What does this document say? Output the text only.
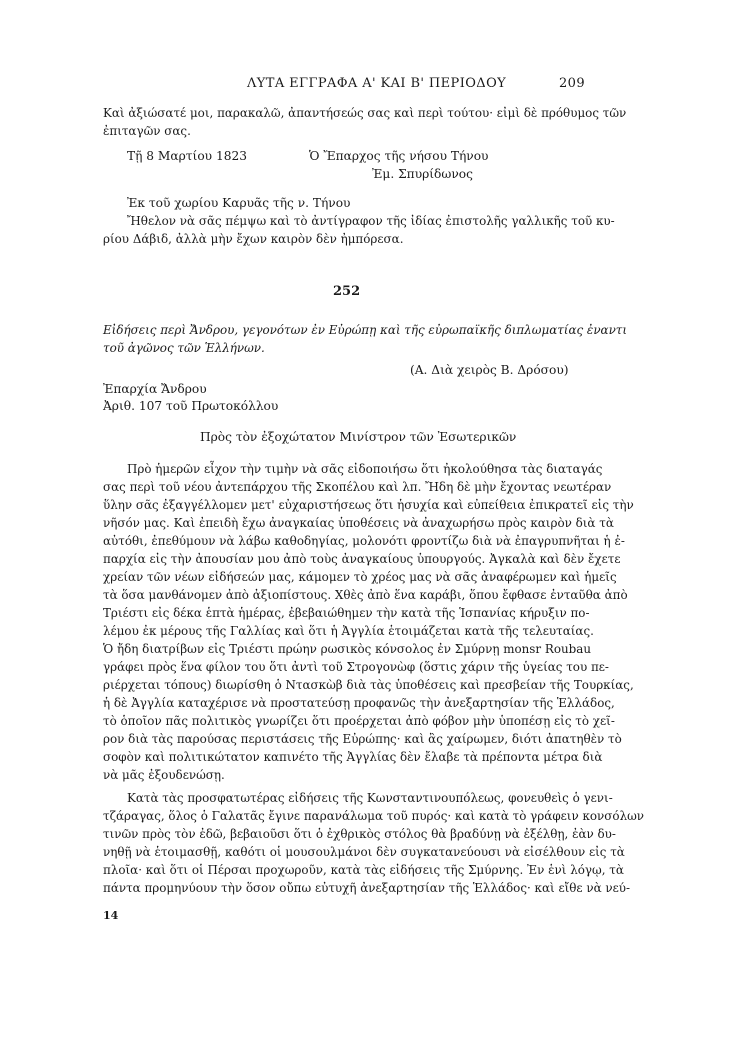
ΛΥΤΑ ΕΓΓΡΑΦΑ Α' ΚΑΙ Β' ΠΕΡΙΟΔΟΥ	209
Καὶ ἀξιώσατέ μοι, παρακαλῶ, ἀπαντήσεώς σας καὶ περὶ τούτου· εἰμὶ δὲ πρόθυμος τῶν
ἐπιταγῶν σας.
Τῇ 8 Μαρτίου 1823	Ὁ Ἔπαρχος τῆς νήσου Τήνου
Ἐμ. Σπυρίδωνος
Ἐκ τοῦ χωρίου Καρυᾶς τῆς ν. Τήνου
Ἤθελον νὰ σᾶς πέμψω καὶ τὸ ἀντίγραφον τῆς ἰδίας ἐπιστολῆς γαλλικῆς τοῦ κυ-
ρίου Δάβιδ, ἀλλὰ μὴν ἔχων καιρὸν δὲν ἠμπόρεσα.
252
Εἰδήσεις περὶ Ἄνδρου, γεγονότων ἐν Εὐρώπῃ καὶ τῆς εὐρωπαϊκῆς διπλωματίας ἐναντι
τοῦ ἀγῶνος τῶν Ἑλλήνων.
(Α. Διὰ χειρὸς Β. Δρόσου)
Ἐπαρχία Ἄνδρου
Ἀριθ. 107 τοῦ Πρωτοκόλλου
Πρὸς τὸν ἐξοχώτατον Μινίστρον τῶν Ἐσωτερικῶν
Πρὸ ἡμερῶν εἶχον τὴν τιμὴν νὰ σᾶς εἰδοποιήσω ὅτι ἠκολούθησα τὰς διαταγάς
σας περὶ τοῦ νέου ἀντεπάρχου τῆς Σκοπέλου καὶ λπ. Ἤδη δὲ μὴν ἔχοντας νεωτέραν
ὕλην σᾶς ἐξαγγέλλομεν μετ' εὐχαριστήσεως ὅτι ἡσυχία καὶ εὐπείθεια ἐπικρατεῖ εἰς τὴν
νῆσόν μας. Καὶ ἐπειδὴ ἔχω ἀναγκαίας ὑποθέσεις νὰ ἀναχωρήσω πρὸς καιρὸν διὰ τὰ
αὐτόθι, ἐπεθύμουν νὰ λάβω καθοδηγίας, μολονότι φροντίζω διὰ νὰ ἐπαγρυπνῆται ἡ ἐ-
παρχία εἰς τὴν ἀπουσίαν μου ἀπὸ τοὺς ἀναγκαίους ὑπουργούς. Ἀγκαλὰ καὶ δὲν ἔχετε
χρείαν τῶν νέων εἰδήσεών μας, κάμομεν τὸ χρέος μας νὰ σᾶς ἀναφέρωμεν καὶ ἡμεῖς
τὰ ὅσα μανθάνομεν ἀπὸ ἀξιοπίστους. Χθὲς ἀπὸ ἕνα καράβι, ὅπου ἔφθασε ἐνταῦθα ἀπὸ
Τριέστι εἰς δέκα ἑπτὰ ἡμέρας, ἐβεβαιώθημεν τὴν κατὰ τῆς Ἱσπανίας κήρυξιν πο-
λέμου ἐκ μέρους τῆς Γαλλίας καὶ ὅτι ἡ Ἀγγλία ἑτοιμάζεται κατὰ τῆς τελευταίας.
Ὁ ἤδη διατρίβων εἰς Τριέστι πρώην ρωσικὸς κόνσολος ἐν Σμύρνῃ monsr Roubau
γράφει πρὸς ἕνα φίλον του ὅτι ἀντὶ τοῦ Στρογονὼφ (ὅστις χάριν τῆς ὑγείας του πε-
ριέρχεται τόπους) διωρίσθη ὁ Ντασκὼβ διὰ τὰς ὑποθέσεις καὶ πρεσβείαν τῆς Τουρκίας,
ἡ δὲ Ἀγγλία καταχέρισε νὰ προστατεύσῃ προφανῶς τὴν ἀνεξαρτησίαν τῆς Ἑλλάδος,
τὸ ὁποῖον πᾶς πολιτικὸς γνωρίζει ὅτι προέρχεται ἀπὸ φόβον μὴν ὑποπέσῃ εἰς τὸ χεῖ-
ρον διὰ τὰς παρούσας περιστάσεις τῆς Εὐρώπης· καὶ ἂς χαίρωμεν, διότι ἀπατηθὲν τὸ
σοφὸν καὶ πολιτικώτατον καπινέτο τῆς Ἀγγλίας δὲν ἔλαβε τὰ πρέποντα μέτρα διὰ
νὰ μᾶς ἐξουδενώσῃ.
Κατὰ τὰς προσφατωτέρας εἰδήσεις τῆς Κωνσταντινουπόλεως, φονευθεὶς ὁ γενι-
τζάραγας, ὅλος ὁ Γαλατᾶς ἔγινε παρανάλωμα τοῦ πυρός· καὶ κατὰ τὸ γράφειν κονσόλων
τινῶν πρὸς τὸν ἐδῶ, βεβαιοῦσι ὅτι ὁ ἐχθρικὸς στόλος θὰ βραδύνῃ νὰ ἐξέλθῃ, ἐὰν δυ-
νηθῇ νὰ ἑτοιμασθῇ, καθότι οἱ μουσουλμάνοι δὲν συγκατανεύουσι νὰ εἰσέλθουν εἰς τὰ
πλοῖα· καὶ ὅτι οἱ Πέρσαι προχωροῦν, κατὰ τὰς εἰδήσεις τῆς Σμύρνης. Ἐν ἑνὶ λόγῳ, τὰ
πάντα προμηνύουν τὴν ὅσον οὔπω εὐτυχῆ ἀνεξαρτησίαν τῆς Ἑλλάδος· καὶ εἴθε νὰ νεύ-
14
